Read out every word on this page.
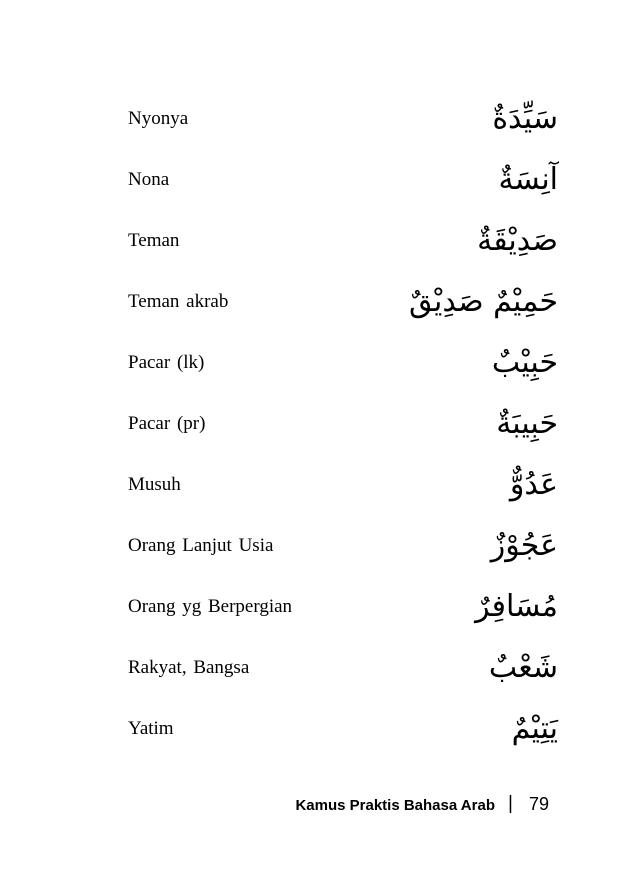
Nyonya	سَيِّدَةٌ
Nona	آنِسَةٌ
Teman	صَدِيْقَةٌ
Teman akrab	حَمِيْمٌ صَدِيْقٌ
Pacar (lk)	حَبِيْبٌ
Pacar (pr)	حَبِيبَةٌ
Musuh	عَدُوٌّ
Orang Lanjut Usia	عَجُوْزٌ
Orang yg Berpergian	مُسَافِرٌ
Rakyat, Bangsa	شَعْبٌ
Yatim	يَتِيْمٌ
Kamus Praktis Bahasa Arab | 79
